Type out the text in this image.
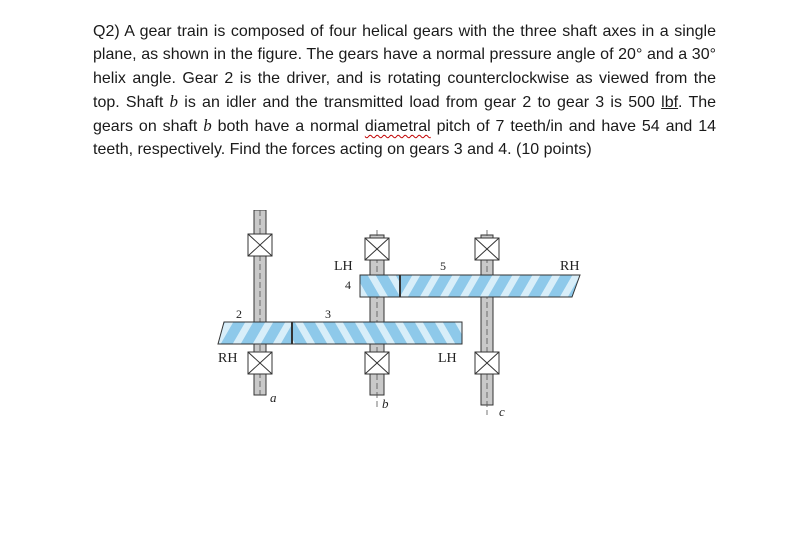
Q2) A gear train is composed of four helical gears with the three shaft axes in a single plane, as shown in the figure. The gears have a normal pressure angle of 20° and a 30° helix angle. Gear 2 is the driver, and is rotating counterclockwise as viewed from the top. Shaft b is an idler and the transmitted load from gear 2 to gear 3 is 500 lbf. The gears on shaft b both have a normal diametral pitch of 7 teeth/in and have 54 and 14 teeth, respectively. Find the forces acting on gears 3 and 4. (10 points)
LH
4
5	RH
2	3
RH	LH
a	b
c
